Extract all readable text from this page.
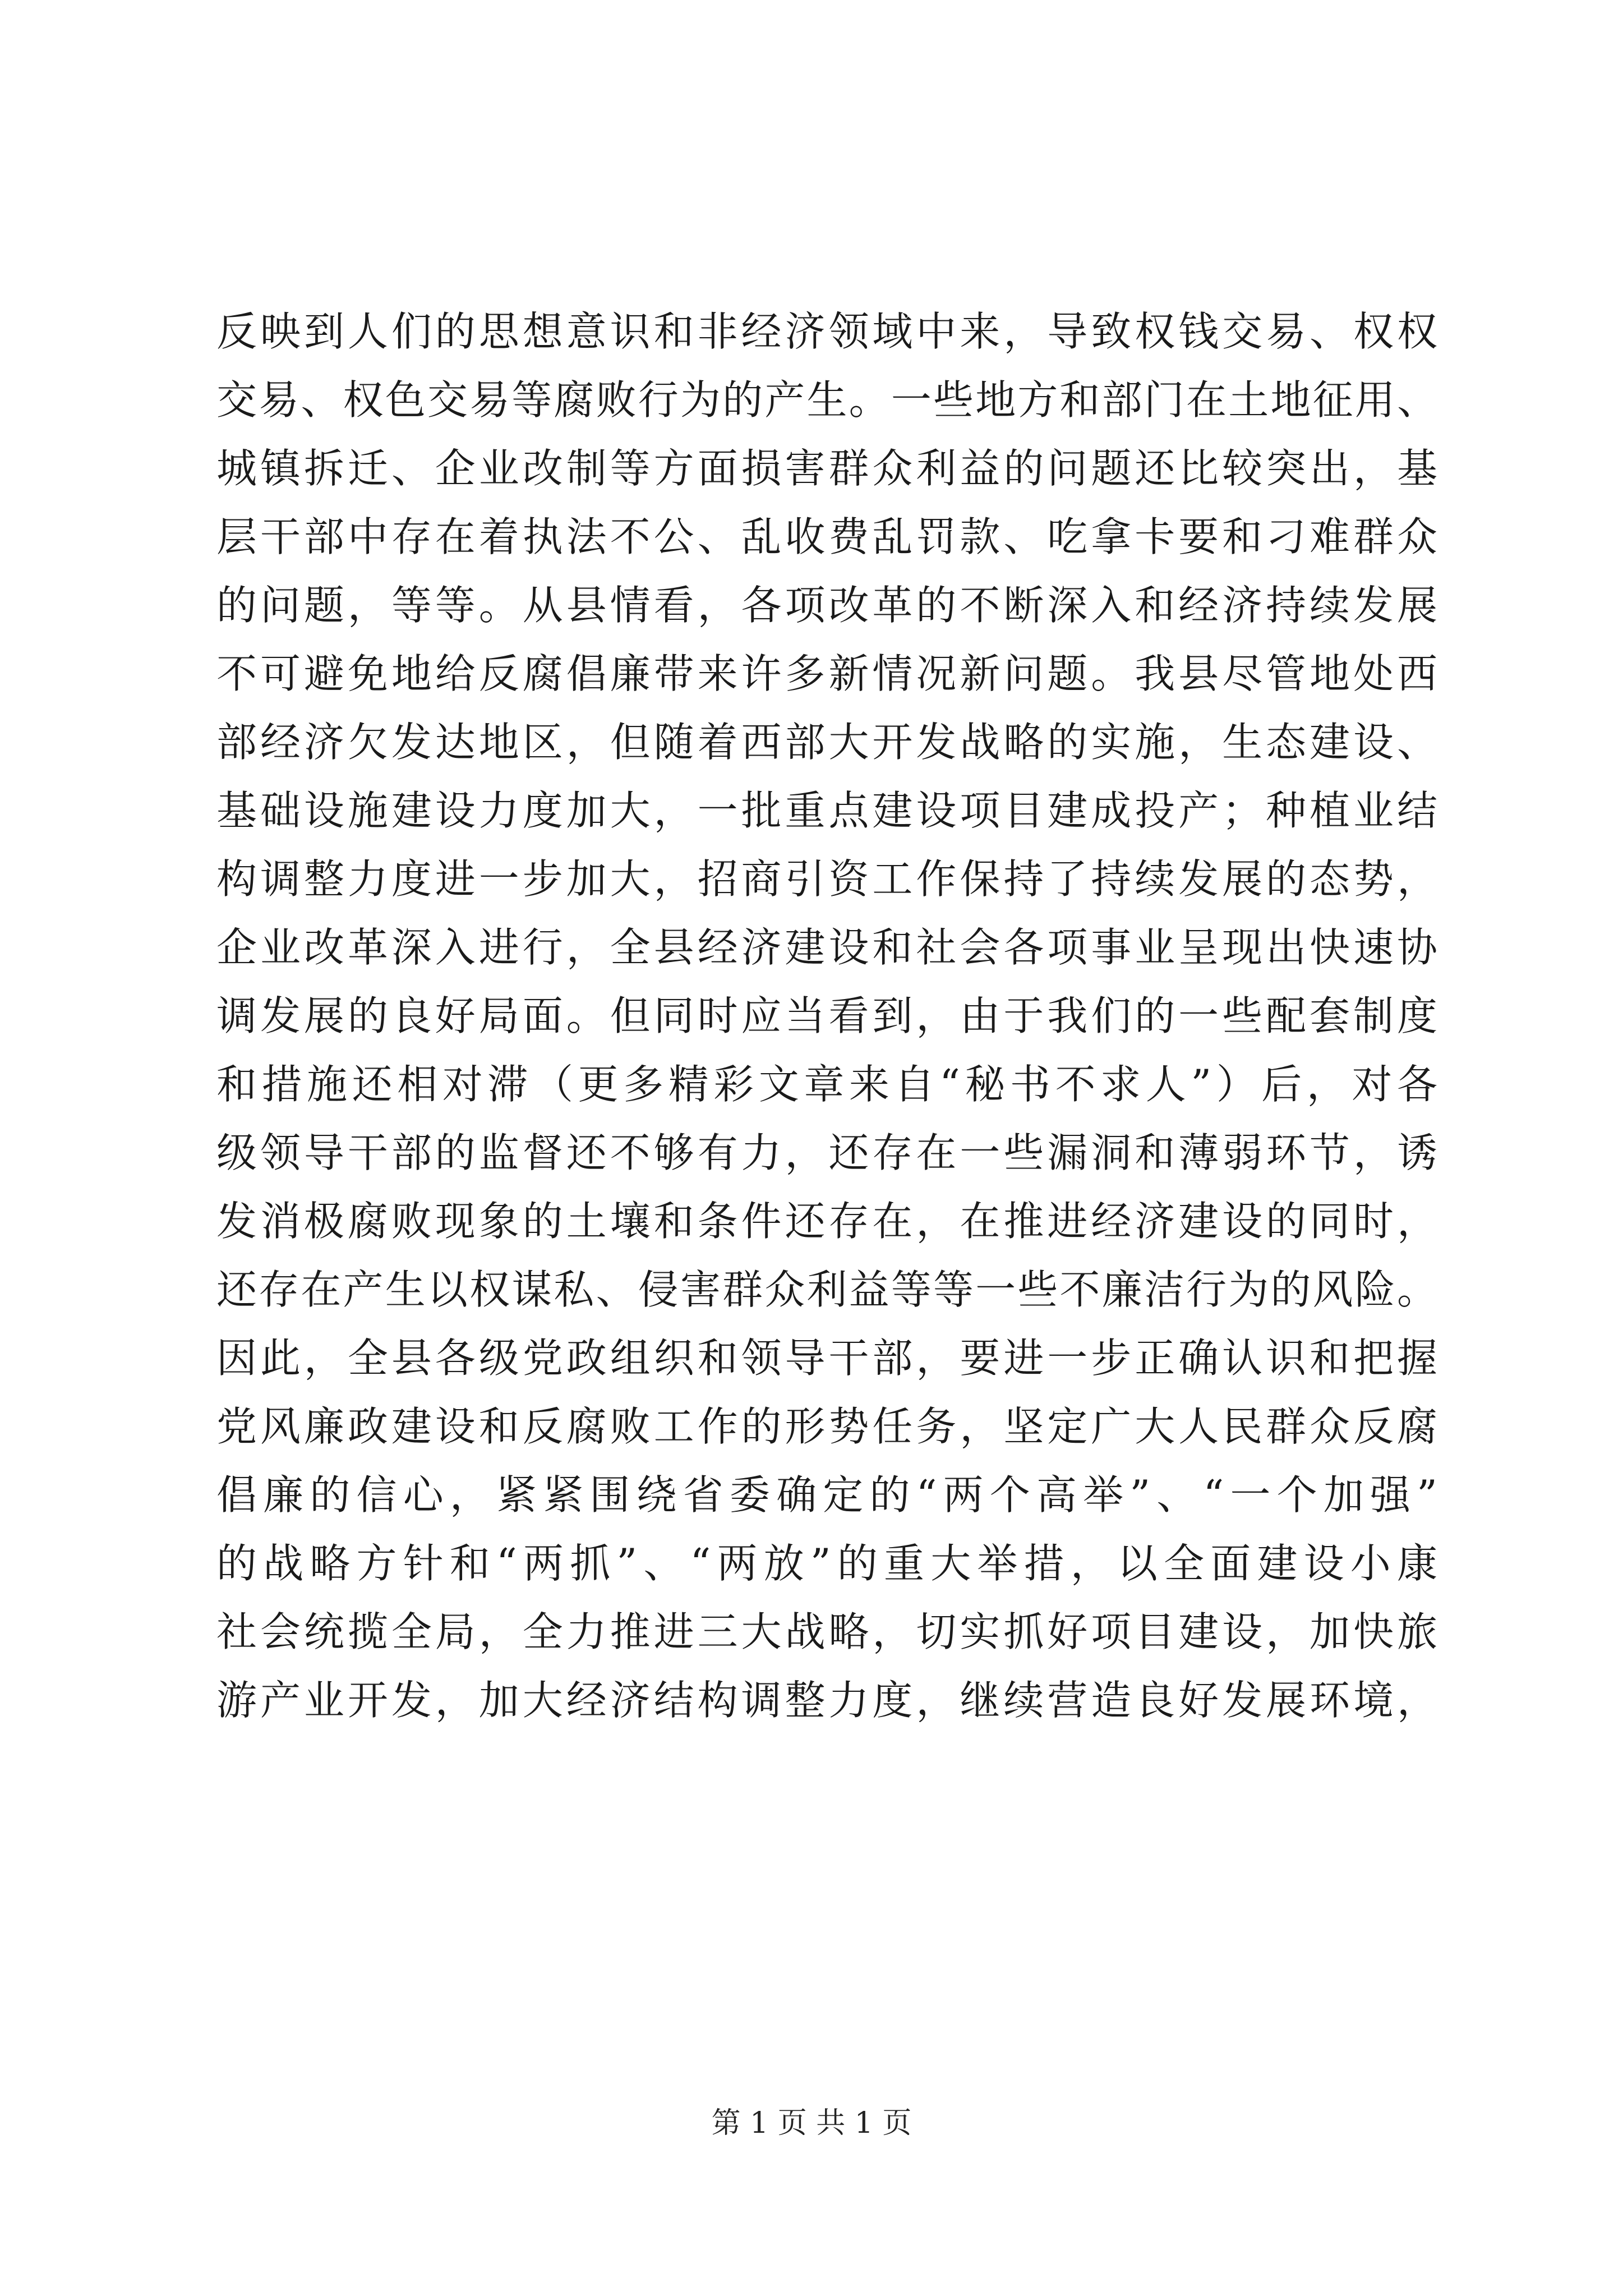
反映到人们的思想意识和非经济领域中来，导致权钱交易、权权
交易、权色交易等腐败行为的产生。一些地方和部门在土地征用、
城镇拆迁、企业改制等方面损害群众利益的问题还比较突出，基
层干部中存在着执法不公、乱收费乱罚款、吃拿卡要和刁难群众
的问题，等等。从县情看，各项改革的不断深入和经济持续发展
不可避免地给反腐倡廉带来许多新情况新问题。我县尽管地处西
部经济欠发达地区，但随着西部大开发战略的实施，生态建设、
基础设施建设力度加大，一批重点建设项目建成投产；种植业结
构调整力度进一步加大，招商引资工作保持了持续发展的态势，
企业改革深入进行，全县经济建设和社会各项事业呈现出快速协
调发展的良好局面。但同时应当看到，由于我们的一些配套制度
和措施还相对滞（更多精彩文章来自“秘书不求人”）后，对各
级领导干部的监督还不够有力，还存在一些漏洞和薄弱环节，诱
发消极腐败现象的土壤和条件还存在，在推进经济建设的同时，
还存在产生以权谋私、侵害群众利益等等一些不廉洁行为的风险。
因此，全县各级党政组织和领导干部，要进一步正确认识和把握
党风廉政建设和反腐败工作的形势任务，坚定广大人民群众反腐
倡廉的信心，紧紧围绕省委确定的“两个高举”、“一个加强”
的战略方针和“两抓”、“两放”的重大举措，以全面建设小康
社会统揽全局，全力推进三大战略，切实抓好项目建设，加快旅
游产业开发，加大经济结构调整力度，继续营造良好发展环境，
第 1 页 共 1 页
